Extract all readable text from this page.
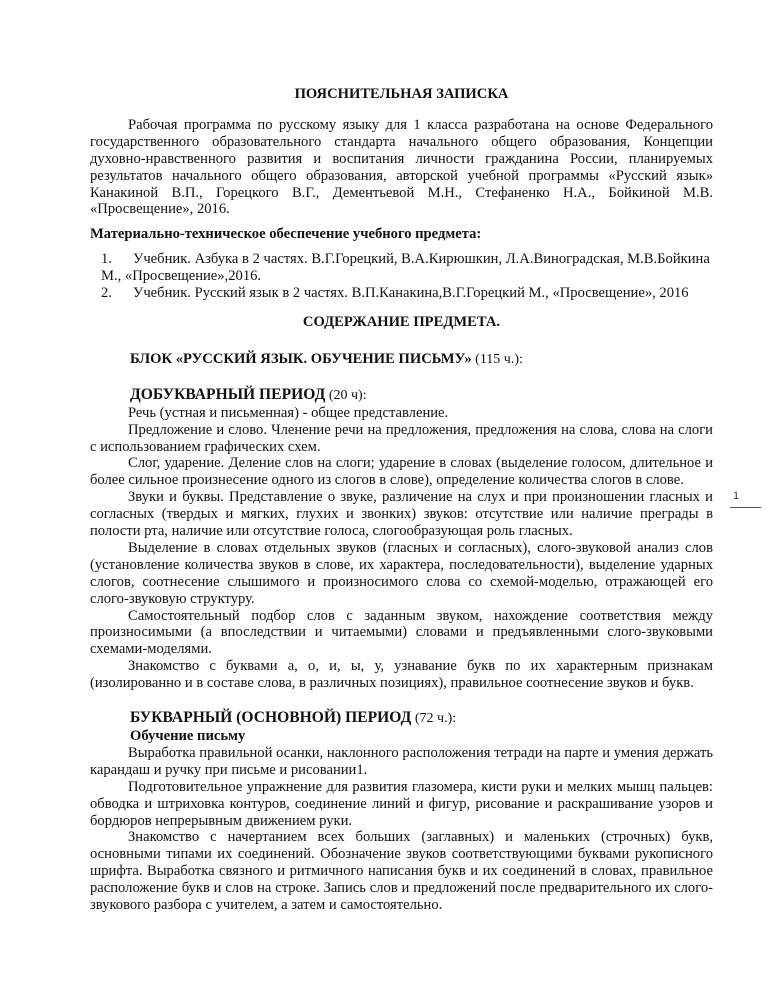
ПОЯСНИТЕЛЬНАЯ ЗАПИСКА

Рабочая программа по русскому языку для 1 класса разработана на основе Федерального государственного образовательного стандарта начального общего образования, Концепции духовно-нравственного развития и воспитания личности гражданина России, планируемых результатов начального общего образования, авторской учебной программы «Русский язык» Канакиной В.П., Горецкого В.Г., Дементьевой М.Н., Стефаненко Н.А., Бойкиной М.В. «Просвещение», 2016.

Материально-техническое обеспечение учебного предмета:

1. Учебник. Азбука в 2 частях. В.Г.Горецкий, В.А.Кирюшкин, Л.А.Виноградская, М.В.Бойкина М., «Просвещение»,2016.
2. Учебник. Русский язык в 2 частях. В.П.Канакина,В.Г.Горецкий М., «Просвещение», 2016

СОДЕРЖАНИЕ ПРЕДМЕТА.

БЛОК «РУССКИЙ ЯЗЫК. ОБУЧЕНИЕ ПИСЬМУ» (115 ч.):

ДОБУКВАРНЫЙ ПЕРИОД (20 ч):

Речь (устная и письменная) - общее представление.

Предложение и слово. Членение речи на предложения, предложения на слова, слова на слоги с использованием графических схем.

Слог, ударение. Деление слов на слоги; ударение в словах (выделение голосом, длительное и более сильное произнесение одного из слогов в слове), определение количества слогов в слове.

Звуки и буквы. Представление о звуке, различение на слух и при произношении гласных и согласных (твердых и мягких, глухих и звонких) звуков: отсутствие или наличие преграды в полости рта, наличие или отсутствие голоса, слогообразующая роль гласных.

Выделение в словах отдельных звуков (гласных и согласных), слого-звуковой анализ слов (установление количества звуков в слове, их характера, последовательности), выделение ударных слогов, соотнесение слышимого и произносимого слова со схемой-моделью, отражающей его слого-звуковую структуру.

Самостоятельный подбор слов с заданным звуком, нахождение соответствия между произносимыми (а впоследствии и читаемыми) словами и предъявленными слого-звуковыми схемами-моделями.

Знакомство с буквами а, о, и, ы, у, узнавание букв по их характерным признакам (изолированно и в составе слова, в различных позициях), правильное соотнесение звуков и букв.

БУКВАРНЫЙ (ОСНОВНОЙ) ПЕРИОД (72 ч.):

Обучение письму

Выработка правильной осанки, наклонного расположения тетради на парте и умения держать карандаш и ручку при письме и рисовании1.

Подготовительное упражнение для развития глазомера, кисти руки и мелких мышц пальцев: обводка и штриховка контуров, соединение линий и фигур, рисование и раскрашивание узоров и бордюров непрерывным движением руки.

Знакомство с начертанием всех больших (заглавных) и маленьких (строчных) букв, основными типами их соединений. Обозначение звуков соответствующими буквами рукописного шрифта. Выработка связного и ритмичного написания букв и их соединений в словах, правильное расположение букв и слов на строке. Запись слов и предложений после предварительного их слого-звукового разбора с учителем, а затем и самостоятельно.

1
